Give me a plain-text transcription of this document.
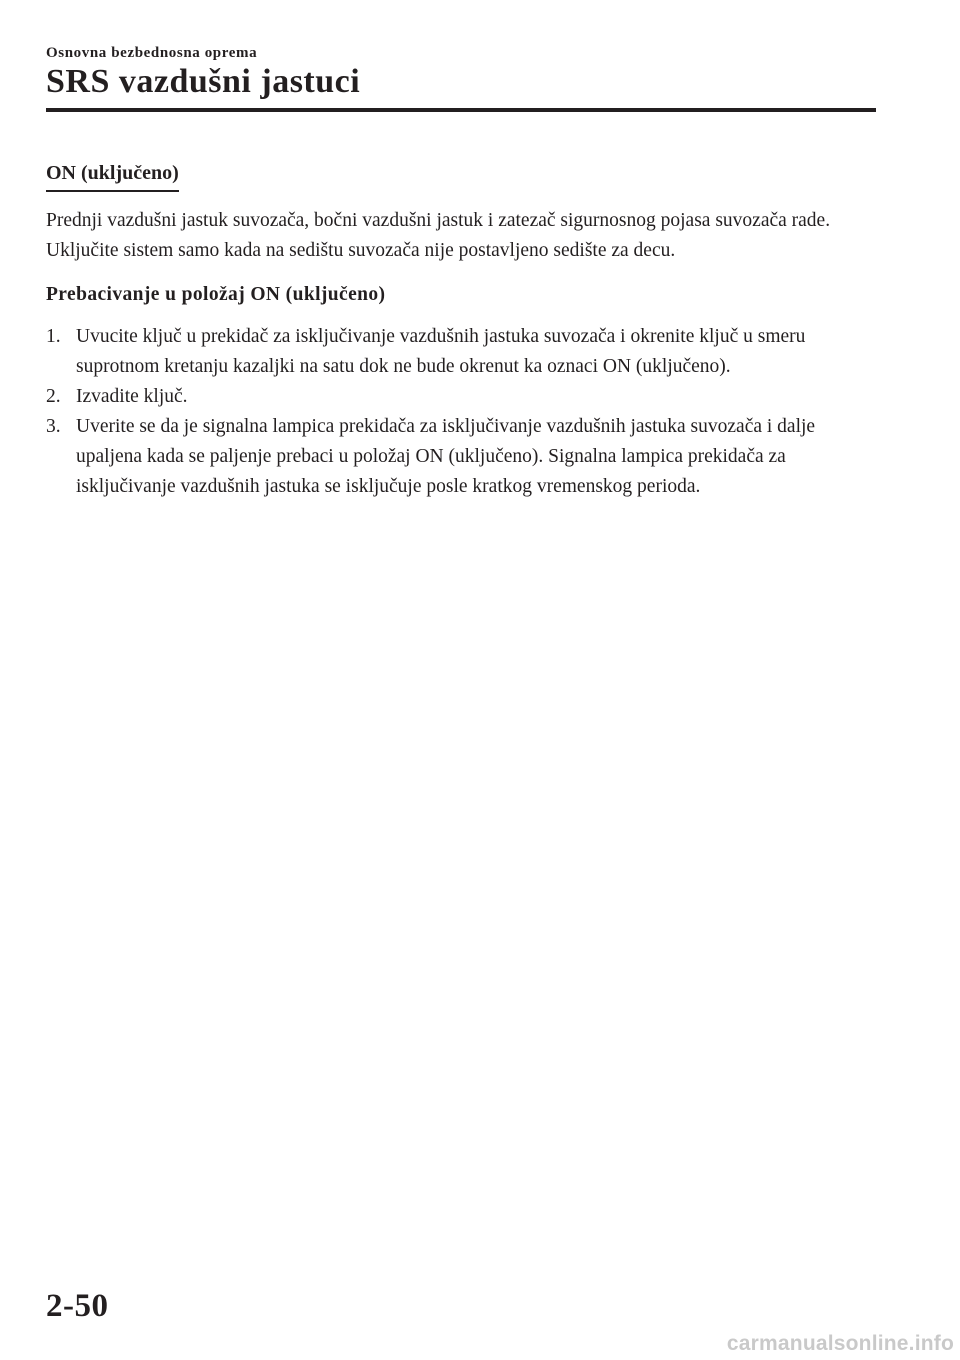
Osnovna bezbednosna oprema
SRS vazdušni jastuci
ON (uključeno)

Prednji vazdušni jastuk suvozača, bočni vazdušni jastuk i zatezač sigurnosnog pojasa suvozača rade. Uključite sistem samo kada na sedištu suvozača nije postavljeno sedište za decu.

Prebacivanje u položaj ON (uključeno)

1. Uvucite ključ u prekidač za isključivanje vazdušnih jastuka suvozača i okrenite ključ u smeru suprotnom kretanju kazaljki na satu dok ne bude okrenut ka oznaci ON (uključeno).
2. Izvadite ključ.
3. Uverite se da je signalna lampica prekidača za isključivanje vazdušnih jastuka suvozača i dalje upaljena kada se paljenje prebaci u položaj ON (uključeno). Signalna lampica prekidača za isključivanje vazdušnih jastuka se isključuje posle kratkog vremenskog perioda.
2-50
carmanualsonline.info
